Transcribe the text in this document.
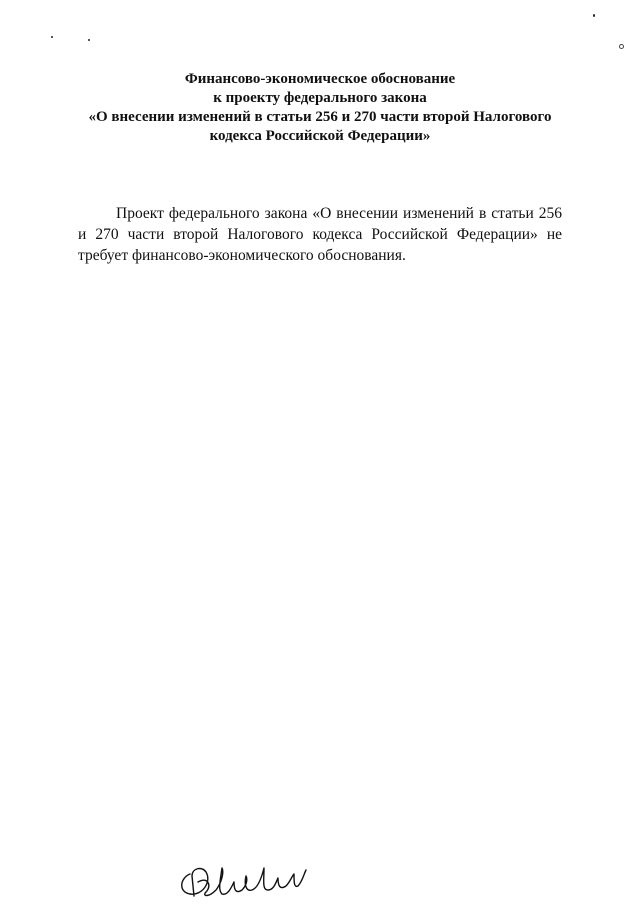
Финансово-экономическое обоснование
к проекту федерального закона
«О внесении изменений в статьи 256 и 270 части второй Налогового
кодекса Российской Федерации»

Проект федерального закона «О внесении изменений в статьи 256 и 270 части второй Налогового кодекса Российской Федерации» не требует финансово-экономического обоснования.
